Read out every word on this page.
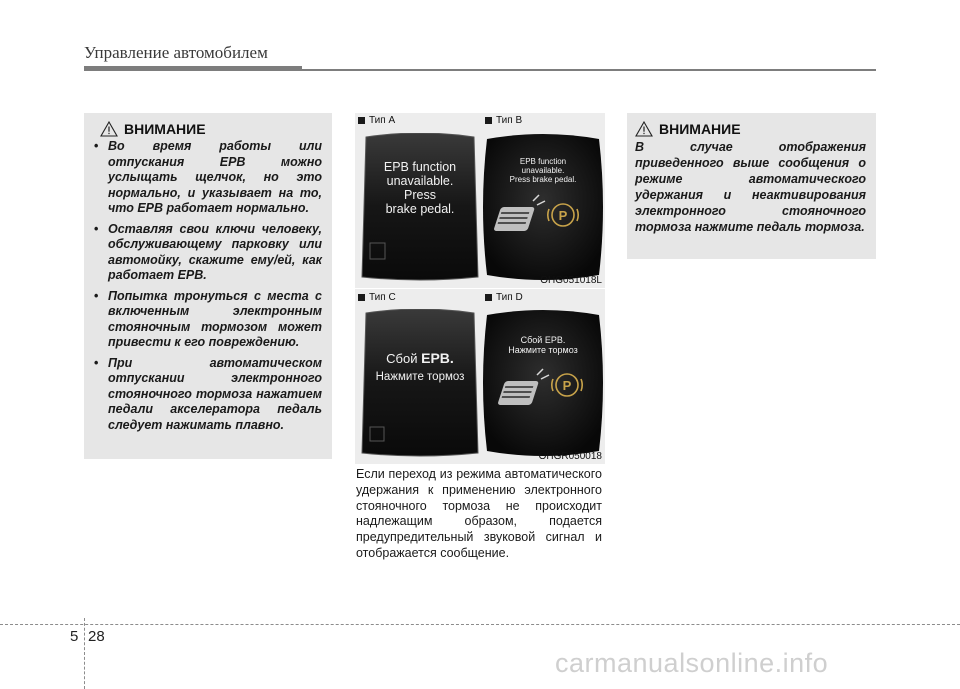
Управление автомобилем
ВНИМАНИЕ
• Во время работы или отпускания EPB можно услыщать щелчок, но это нормально, и указывает на то, что EPB работает нормально.
• Оставляя свои ключи человеку, обслуживающему парковку или автомойку, скажите ему/ей, как работает EPB.
• Попытка тронуться с места с включенным электронным стояночным тормозом может привести к его повреждению.
• При автоматическом отпускании электронного стояночного тормоза нажатием педали акселератора педаль следует нажимать плавно.
Тип A	Тип B
EPB function
unavailable.
Press
brake pedal.	P
EPB function
unavailable.
Press brake pedal.
OHG051018L
Тип C	Тип D
Сбой EPB.
Нажмите тормоз
P
Сбой EPB.
Нажмите тормоз
OHGR050018
Если переход из режима автоматического удержания к применению электронного стояночного тормоза не происходит надлежащим образом, подается предупредительный звуковой сигнал и отображается сообщение.
ВНИМАНИЕ
В случае отображения приведенного выше сообщения о режиме автоматического удержания и неактивирования электронного стояночного тормоза нажмите педаль тормоза.
5 28
carmanualsonline.info
